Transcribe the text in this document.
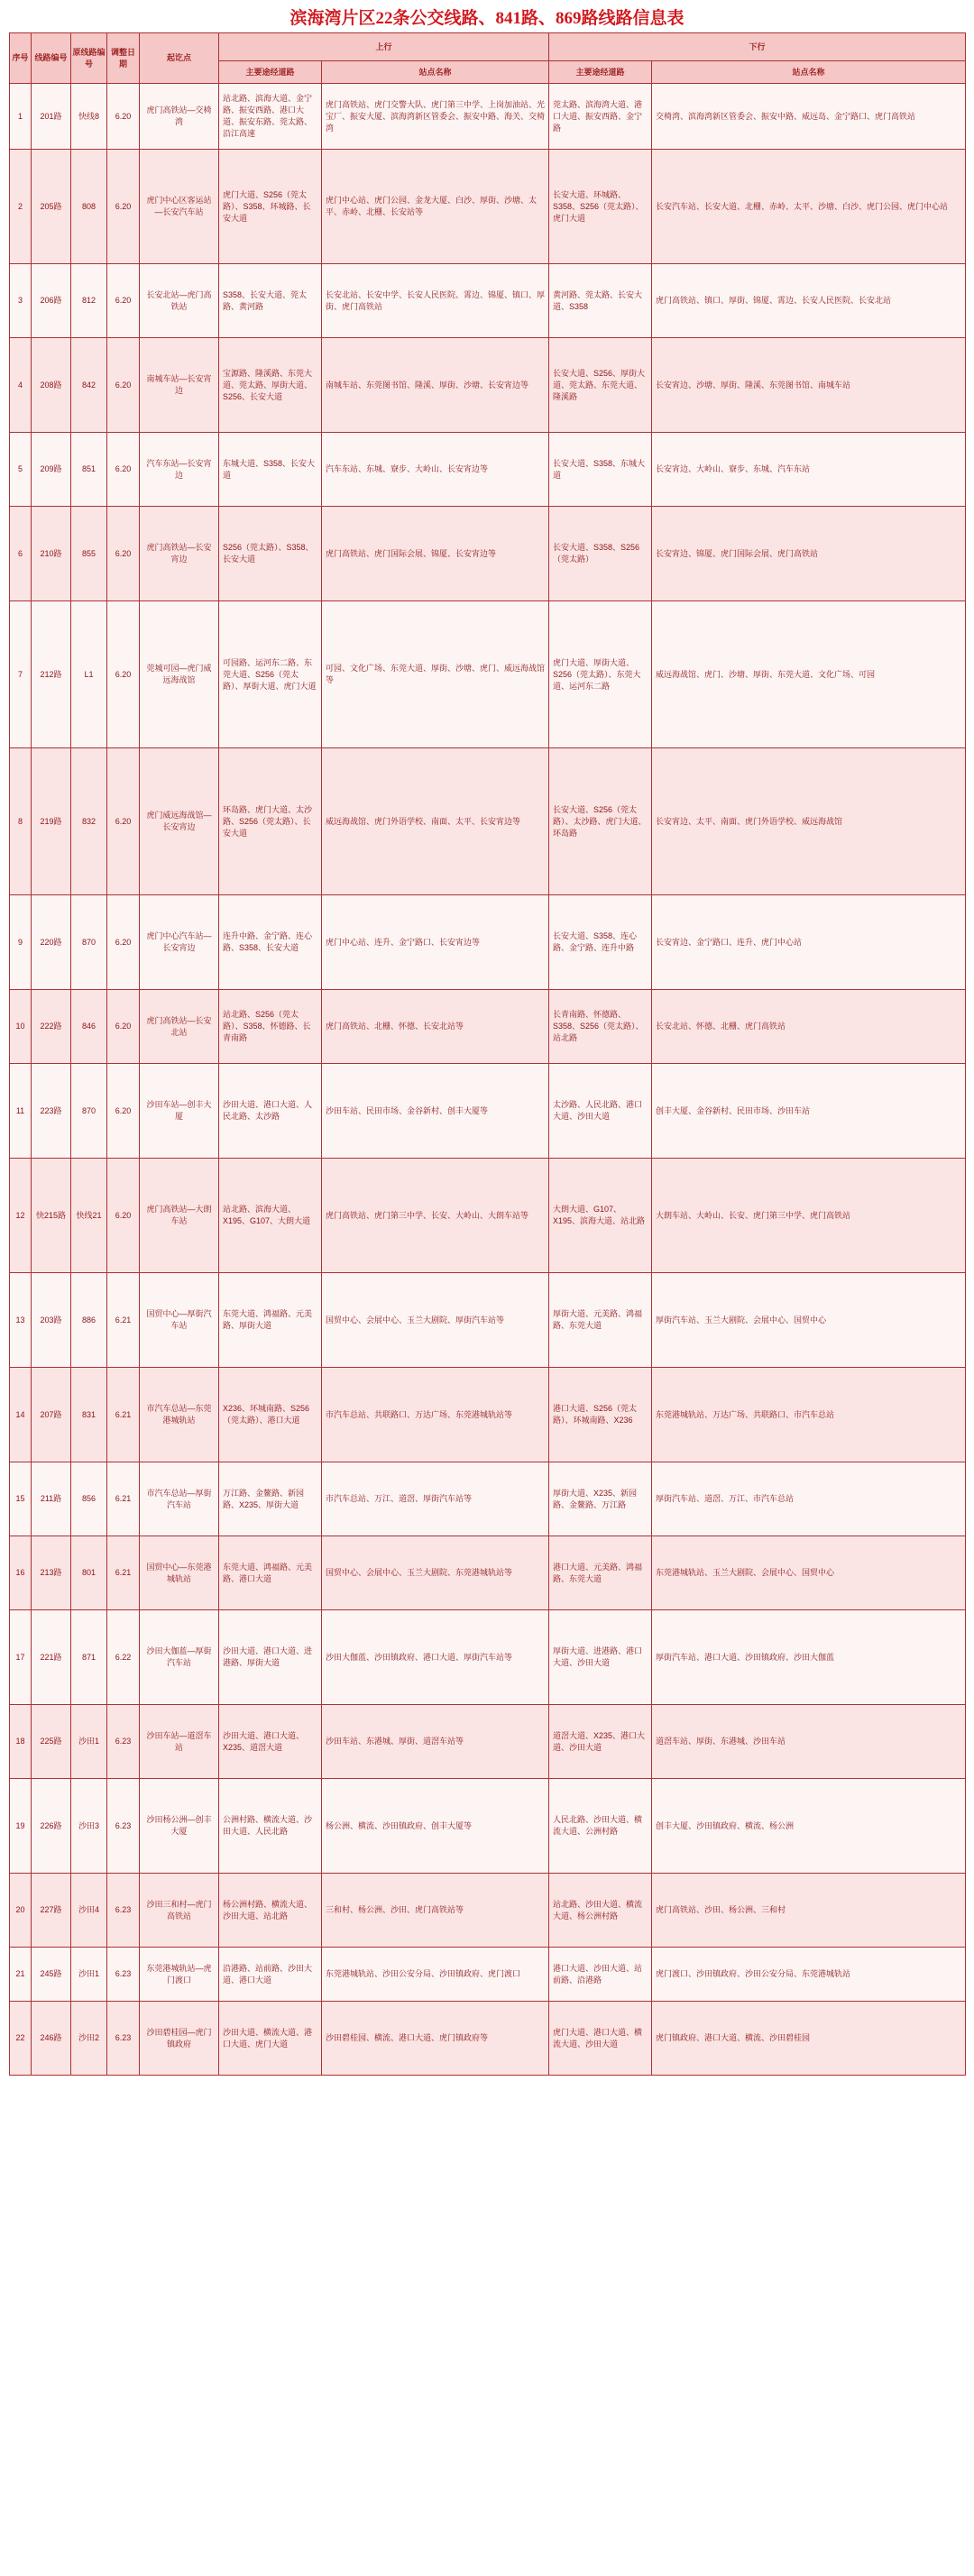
滨海湾片区22条公交线路、841路、869路线路信息表
序号	线路编号	原线路编号	调整日期	起讫点	上行		下行	
					主要途经道路	站点名称	主要途经道路	站点名称
1	201路	快线8	6.20	虎门高铁站—交椅湾	站北路、滨海大道、金宁路、振安西路、港口大道、振安东路、莞太路、沿江高速	虎门高铁站、虎门交警大队、虎门第三中学、上岗加油站、光宝厂、振安大厦、滨海湾新区管委会、振安中路、海关、交椅湾	莞太路、滨海湾大道、港口大道、振安西路、金宁路	交椅湾、滨海湾新区管委会、振安中路、威远岛、金宁路口、虎门高铁站
2	205路	808	6.20	虎门中心区客运站—长安汽车站	虎门大道、S256（莞太路）、S358、环城路、长安大道	虎门中心站、虎门公园、金龙大厦、白沙、厚街、沙塘、太平、赤岭、北栅、长安站等	长安大道、环城路、S358、S256（莞太路）、虎门大道	长安汽车站、长安大道、北栅、赤岭、太平、沙塘、白沙、虎门公园、虎门中心站
3	206路	812	6.20	长安北站—虎门高铁站	S358、长安大道、莞太路、黄河路	长安北站、长安中学、长安人民医院、霄边、锦厦、镇口、厚街、虎门高铁站	黄河路、莞太路、长安大道、S358	虎门高铁站、镇口、厚街、锦厦、霄边、长安人民医院、长安北站
4	208路	842	6.20	南城车站—长安宵边	宝源路、隆溪路、东莞大道、莞太路、厚街大道、S256、长安大道	南城车站、东莞图书馆、隆溪、厚街、沙塘、长安宵边等	长安大道、S256、厚街大道、莞太路、东莞大道、隆溪路	长安宵边、沙塘、厚街、隆溪、东莞图书馆、南城车站
5	209路	851	6.20	汽车东站—长安宵边	东城大道、S358、长安大道	汽车东站、东城、寮步、大岭山、长安宵边等	长安大道、S358、东城大道	长安宵边、大岭山、寮步、东城、汽车东站
6	210路	855	6.20	虎门高铁站—长安宵边	S256（莞太路）、S358、长安大道	虎门高铁站、虎门国际会展、锦厦、长安宵边等	长安大道、S358、S256（莞太路）	长安宵边、锦厦、虎门国际会展、虎门高铁站
7	212路	L1	6.20	莞城可园—虎门威远海战馆	可园路、运河东二路、东莞大道、S256（莞太路）、厚街大道、虎门大道	可园、文化广场、东莞大道、厚街、沙塘、虎门、威远海战馆等	虎门大道、厚街大道、S256（莞太路）、东莞大道、运河东二路	威远海战馆、虎门、沙塘、厚街、东莞大道、文化广场、可园
8	219路	832	6.20	虎门威远海战馆—长安宵边	环岛路、虎门大道、太沙路、S256（莞太路）、长安大道	威远海战馆、虎门外语学校、南面、太平、长安宵边等	长安大道、S256（莞太路）、太沙路、虎门大道、环岛路	长安宵边、太平、南面、虎门外语学校、威远海战馆
9	220路	870	6.20	虎门中心汽车站—长安宵边	连升中路、金宁路、连心路、S358、长安大道	虎门中心站、连升、金宁路口、长安宵边等	长安大道、S358、连心路、金宁路、连升中路	长安宵边、金宁路口、连升、虎门中心站
10	222路	846	6.20	虎门高铁站—长安北站	站北路、S256（莞太路）、S358、怀德路、长青南路	虎门高铁站、北栅、怀德、长安北站等	长青南路、怀德路、S358、S256（莞太路）、站北路	长安北站、怀德、北栅、虎门高铁站
11	223路	870	6.20	沙田车站—创丰大厦	沙田大道、港口大道、人民北路、太沙路	沙田车站、民田市场、金谷新村、创丰大厦等	太沙路、人民北路、港口大道、沙田大道	创丰大厦、金谷新村、民田市场、沙田车站
12	快215路	快线21	6.20	虎门高铁站—大朗车站	站北路、滨海大道、X195、G107、大朗大道	虎门高铁站、虎门第三中学、长安、大岭山、大朗车站等	大朗大道、G107、X195、滨海大道、站北路	大朗车站、大岭山、长安、虎门第三中学、虎门高铁站
13	203路	886	6.21	国贸中心—厚街汽车站	东莞大道、鸿福路、元美路、厚街大道	国贸中心、会展中心、玉兰大剧院、厚街汽车站等	厚街大道、元美路、鸿福路、东莞大道	厚街汽车站、玉兰大剧院、会展中心、国贸中心
14	207路	831	6.21	市汽车总站—东莞港城轨站	X236、环城南路、S256（莞太路）、港口大道	市汽车总站、共联路口、万达广场、东莞港城轨站等	港口大道、S256（莞太路）、环城南路、X236	东莞港城轨站、万达广场、共联路口、市汽车总站
15	211路	856	6.21	市汽车总站—厚街汽车站	万江路、金鳌路、新园路、X235、厚街大道	市汽车总站、万江、道滘、厚街汽车站等	厚街大道、X235、新园路、金鳌路、万江路	厚街汽车站、道滘、万江、市汽车总站
16	213路	801	6.21	国贸中心—东莞港城轨站	东莞大道、鸿福路、元美路、港口大道	国贸中心、会展中心、玉兰大剧院、东莞港城轨站等	港口大道、元美路、鸿福路、东莞大道	东莞港城轨站、玉兰大剧院、会展中心、国贸中心
17	221路	871	6.22	沙田大伽蓝—厚街汽车站	沙田大道、港口大道、进港路、厚街大道	沙田大伽蓝、沙田镇政府、港口大道、厚街汽车站等	厚街大道、进港路、港口大道、沙田大道	厚街汽车站、港口大道、沙田镇政府、沙田大伽蓝
18	225路	沙田1	6.23	沙田车站—道滘车站	沙田大道、港口大道、X235、道滘大道	沙田车站、东港城、厚街、道滘车站等	道滘大道、X235、港口大道、沙田大道	道滘车站、厚街、东港城、沙田车站
19	226路	沙田3	6.23	沙田杨公洲—创丰大厦	公洲村路、横流大道、沙田大道、人民北路	杨公洲、横流、沙田镇政府、创丰大厦等	人民北路、沙田大道、横流大道、公洲村路	创丰大厦、沙田镇政府、横流、杨公洲
20	227路	沙田4	6.23	沙田三和村—虎门高铁站	杨公洲村路、横流大道、沙田大道、站北路	三和村、杨公洲、沙田、虎门高铁站等	站北路、沙田大道、横流大道、杨公洲村路	虎门高铁站、沙田、杨公洲、三和村
21	245路	沙田1	6.23	东莞港城轨站—虎门渡口	沿港路、站前路、沙田大道、港口大道	东莞港城轨站、沙田公安分局、沙田镇政府、虎门渡口	港口大道、沙田大道、站前路、沿港路	虎门渡口、沙田镇政府、沙田公安分局、东莞港城轨站
22	246路	沙田2	6.23	沙田碧桂园—虎门镇政府	沙田大道、横流大道、港口大道、虎门大道	沙田碧桂园、横流、港口大道、虎门镇政府等	虎门大道、港口大道、横流大道、沙田大道	虎门镇政府、港口大道、横流、沙田碧桂园
